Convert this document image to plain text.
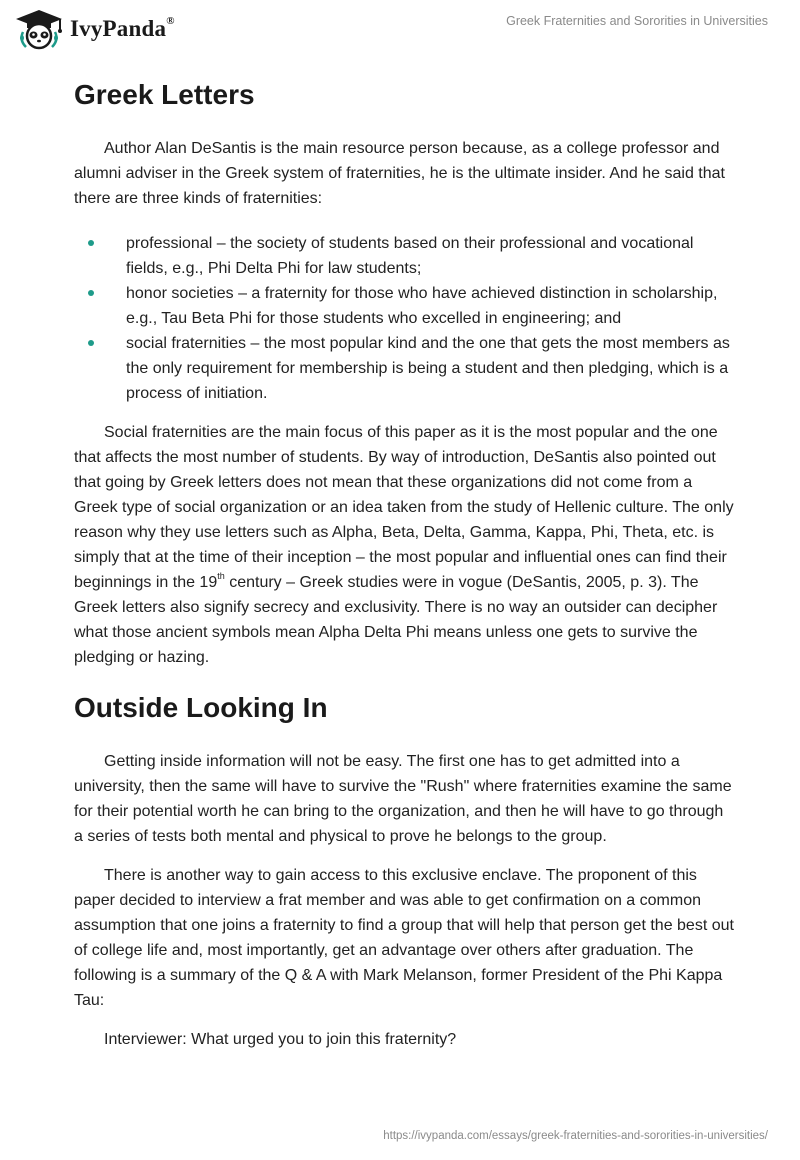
IvyPanda®	Greek Fraternities and Sororities in Universities
Greek Letters

Author Alan DeSantis is the main resource person because, as a college professor and alumni adviser in the Greek system of fraternities, he is the ultimate insider. And he said that there are three kinds of fraternities:

professional – the society of students based on their professional and vocational fields, e.g., Phi Delta Phi for law students;
honor societies – a fraternity for those who have achieved distinction in scholarship, e.g., Tau Beta Phi for those students who excelled in engineering; and
social fraternities – the most popular kind and the one that gets the most members as the only requirement for membership is being a student and then pledging, which is a process of initiation.

Social fraternities are the main focus of this paper as it is the most popular and the one that affects the most number of students. By way of introduction, DeSantis also pointed out that going by Greek letters does not mean that these organizations did not come from a Greek type of social organization or an idea taken from the study of Hellenic culture. The only reason why they use letters such as Alpha, Beta, Delta, Gamma, Kappa, Phi, Theta, etc. is simply that at the time of their inception – the most popular and influential ones can find their beginnings in the 19th century – Greek studies were in vogue (DeSantis, 2005, p. 3). The Greek letters also signify secrecy and exclusivity. There is no way an outsider can decipher what those ancient symbols mean Alpha Delta Phi means unless one gets to survive the pledging or hazing.

Outside Looking In

Getting inside information will not be easy. The first one has to get admitted into a university, then the same will have to survive the "Rush" where fraternities examine the same for their potential worth he can bring to the organization, and then he will have to go through a series of tests both mental and physical to prove he belongs to the group.

There is another way to gain access to this exclusive enclave. The proponent of this paper decided to interview a frat member and was able to get confirmation on a common assumption that one joins a fraternity to find a group that will help that person get the best out of college life and, most importantly, get an advantage over others after graduation. The following is a summary of the Q & A with Mark Melanson, former President of the Phi Kappa Tau:

Interviewer: What urged you to join this fraternity?

https://ivypanda.com/essays/greek-fraternities-and-sororities-in-universities/
